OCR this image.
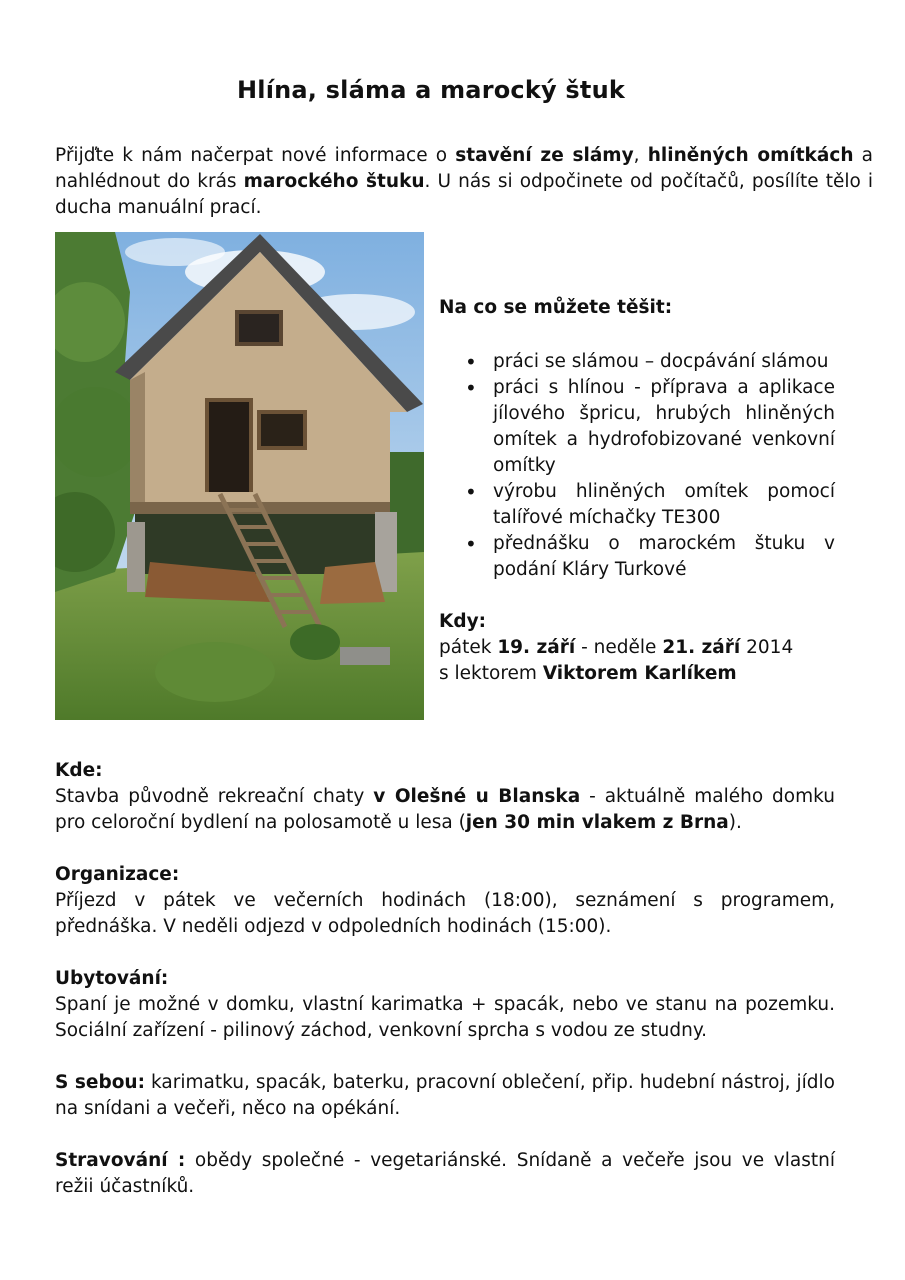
Hlína, sláma a marocký štuk
Přijďte k nám načerpat nové informace o stavění ze slámy, hliněných omítkách a nahlédnout do krás marockého štuku. U nás si odpočinete od počítačů, posílíte tělo i ducha manuální prací.
Na co se můžete těšit:
• práci se slámou – docpávání slámou
• práci s hlínou - příprava a aplikace jílového špricu, hrubých hliněných omítek a hydrofobizované venkovní omítky
• výrobu hliněných omítek pomocí talířové míchačky TE300
• přednášku o marockém štuku v podání Kláry Turkové
Kdy:
pátek 19. září - neděle 21. září 2014
s lektorem Viktorem Karlíkem
Kde:
Stavba původně rekreační chaty v Olešné u Blanska - aktuálně malého domku pro celoroční bydlení na polosamotě u lesa (jen 30 min vlakem z Brna).
Organizace:
Příjezd v pátek ve večerních hodinách (18:00), seznámení s programem, přednáška. V neděli odjezd v odpoledních hodinách (15:00).
Ubytování:
Spaní je možné v domku, vlastní karimatka + spacák, nebo ve stanu na pozemku. Sociální zařízení - pilinový záchod, venkovní sprcha s vodou ze studny.
S sebou: karimatku, spacák, baterku, pracovní oblečení, přip. hudební nástroj, jídlo na snídani a večeři, něco na opékání.
Stravování : obědy společné - vegetariánské. Snídaně a večeře jsou ve vlastní režii účastníků.
